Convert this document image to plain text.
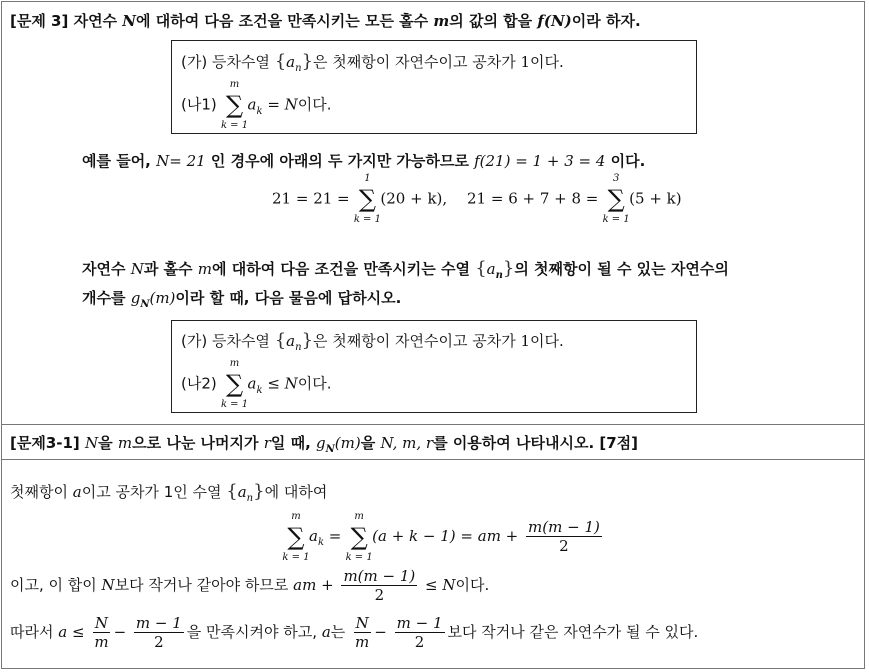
[문제 3] 자연수 N에 대하여 다음 조건을 만족시키는 모든 홀수 m의 값의 합을 f(N)이라 하자.
(가) 등차수열 $\{a_n\}$은 첫째항이 자연수이고 공차가 1이다.
(나1)
m
∑
k = 1
$a_k = N$이다.
예를 들어, N= 21 인 경우에 아래의 두 가지만 가능하므로 f(21) = 1 + 3 = 4 이다.
21 = 21 =
1
∑
k = 1
(20 + k), 21 = 6 + 7 + 8 =
3
∑
k = 1
(5 + k)
자연수 N과 홀수 m에 대하여 다음 조건을 만족시키는 수열 $\{a_n\}$의 첫째항이 될 수 있는 자연수의
개수를 $g_N(m)$이라 할 때, 다음 물음에 답하시오.
(가) 등차수열 $\{a_n\}$은 첫째항이 자연수이고 공차가 1이다.
(나2)
m
∑
k = 1
$a_k \le N$이다.
[문제3-1] N을 m으로 나눈 나머지가 r일 때, $g_N(m)$을 N, m, r를 이용하여 나타내시오. [7점]
첫째항이 a이고 공차가 1인 수열 $\{a_n\}$에 대하여
m
∑
k = 1
$a_k$ =
m
∑
k = 1
(a + k − 1) = am + $\frac{m(m - 1)}{2}$
이고, 이 합이 N보다 작거나 같아야 하므로 am + $\frac{m(m - 1)}{2} \le N$이다.
따라서 $a \le \frac{N}{m} - \frac{m - 1}{2}$ 을 만족시켜야 하고, a는 $\frac{N}{m} - \frac{m - 1}{2}$ 보다 작거나 같은 자연수가 될 수 있다.
